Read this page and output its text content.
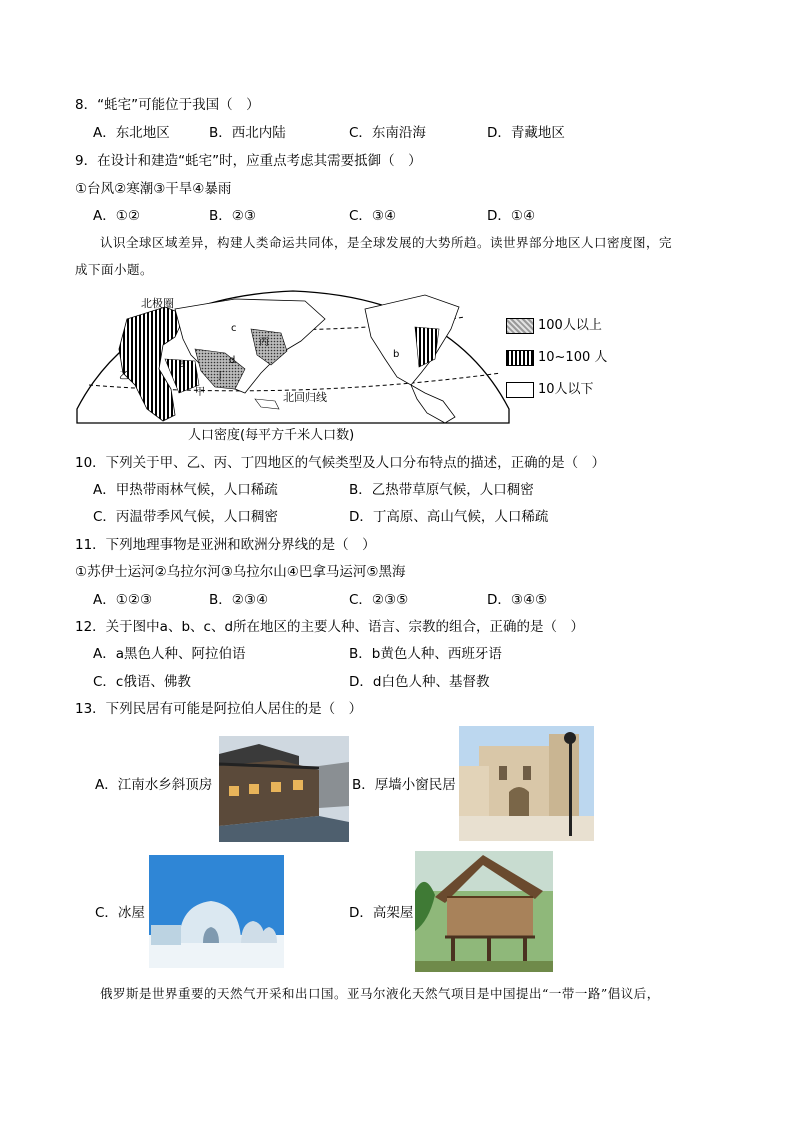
8．“蚝宅”可能位于我国（　）
A．东北地区	B．西北内陆	C．东南沿海	D．青藏地区
9．在设计和建造“蚝宅”时，应重点考虑其需要抵御（　）
①台风②寒潮③干旱④暴雨
A．①②	B．②③	C．③④	D．①④
认识全球区域差异，构建人类命运共同体，是全球发展的大势所趋。读世界部分地区人口密度图，完
成下面小题。
北极圈
北回归线
甲
乙
丙
丁
a
b
c
d
人口密度(每平方千米人口数)
100人以上
10~100 人
10人以下
10．下列关于甲、乙、丙、丁四地区的气候类型及人口分布特点的描述，正确的是（　）
A．甲热带雨林气候，人口稀疏	B．乙热带草原气候，人口稠密
C．丙温带季风气候，人口稠密	D．丁高原、高山气候，人口稀疏
11．下列地理事物是亚洲和欧洲分界线的是（　）
①苏伊士运河②乌拉尔河③乌拉尔山④巴拿马运河⑤黑海
A．①②③	B．②③④	C．②③⑤	D．③④⑤
12．关于图中a、b、c、d所在地区的主要人种、语言、宗教的组合，正确的是（　）
A．a黑色人种、阿拉伯语	B．b黄色人种、西班牙语
C．c俄语、佛教	D．d白色人种、基督教
13．下列民居有可能是阿拉伯人居住的是（　）
A．江南水乡斜顶房	B．厚墙小窗民居
C．冰屋	D．高架屋
俄罗斯是世界重要的天然气开采和出口国。亚马尔液化天然气项目是中国提出“一带一路”倡议后，
